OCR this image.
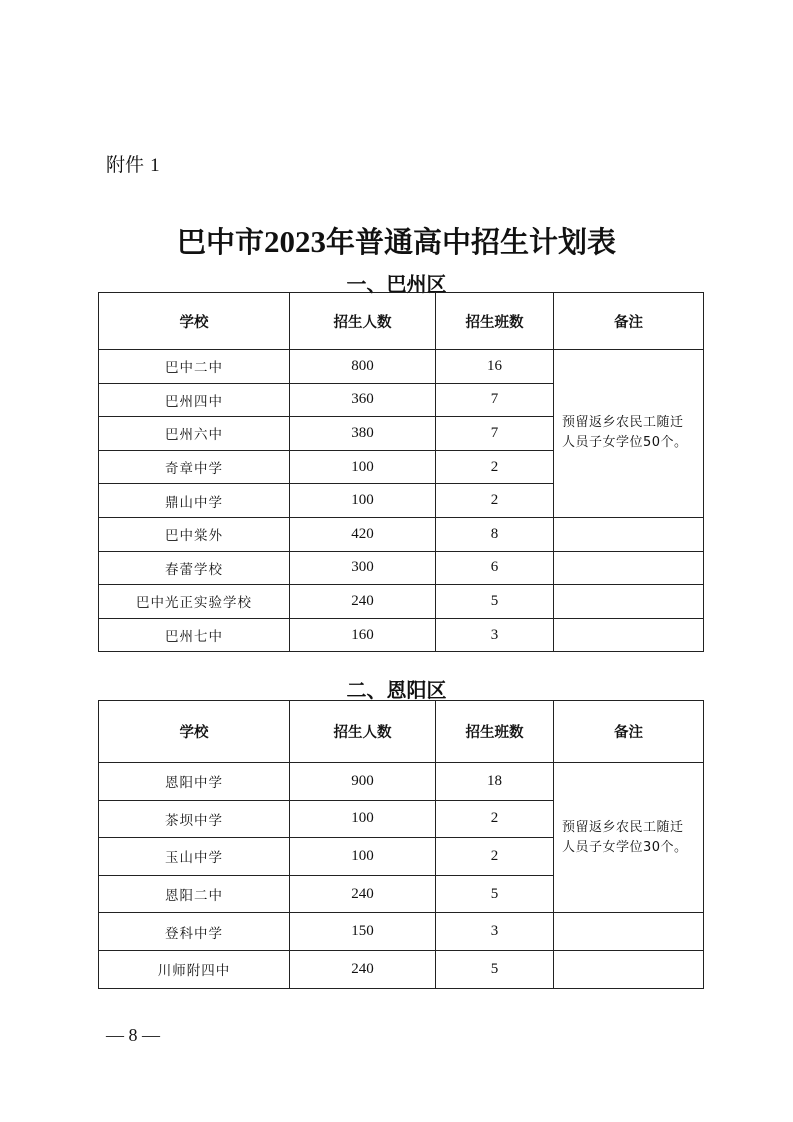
附件 1
巴中市2023年普通高中招生计划表
一、巴州区
学校	招生人数	招生班数	备注
巴中二中	800	16	预留返乡农民工随迁人员子女学位50个。
巴州四中	360	7	
巴州六中	380	7	
奇章中学	100	2	
鼎山中学	100	2	
巴中棠外	420	8	
春蕾学校	300	6	
巴中光正实验学校	240	5	
巴州七中	160	3	
二、恩阳区
学校	招生人数	招生班数	备注
恩阳中学	900	18	预留返乡农民工随迁人员子女学位30个。
茶坝中学	100	2	
玉山中学	100	2	
恩阳二中	240	5	
登科中学	150	3	
川师附四中	240	5	
— 8 —
